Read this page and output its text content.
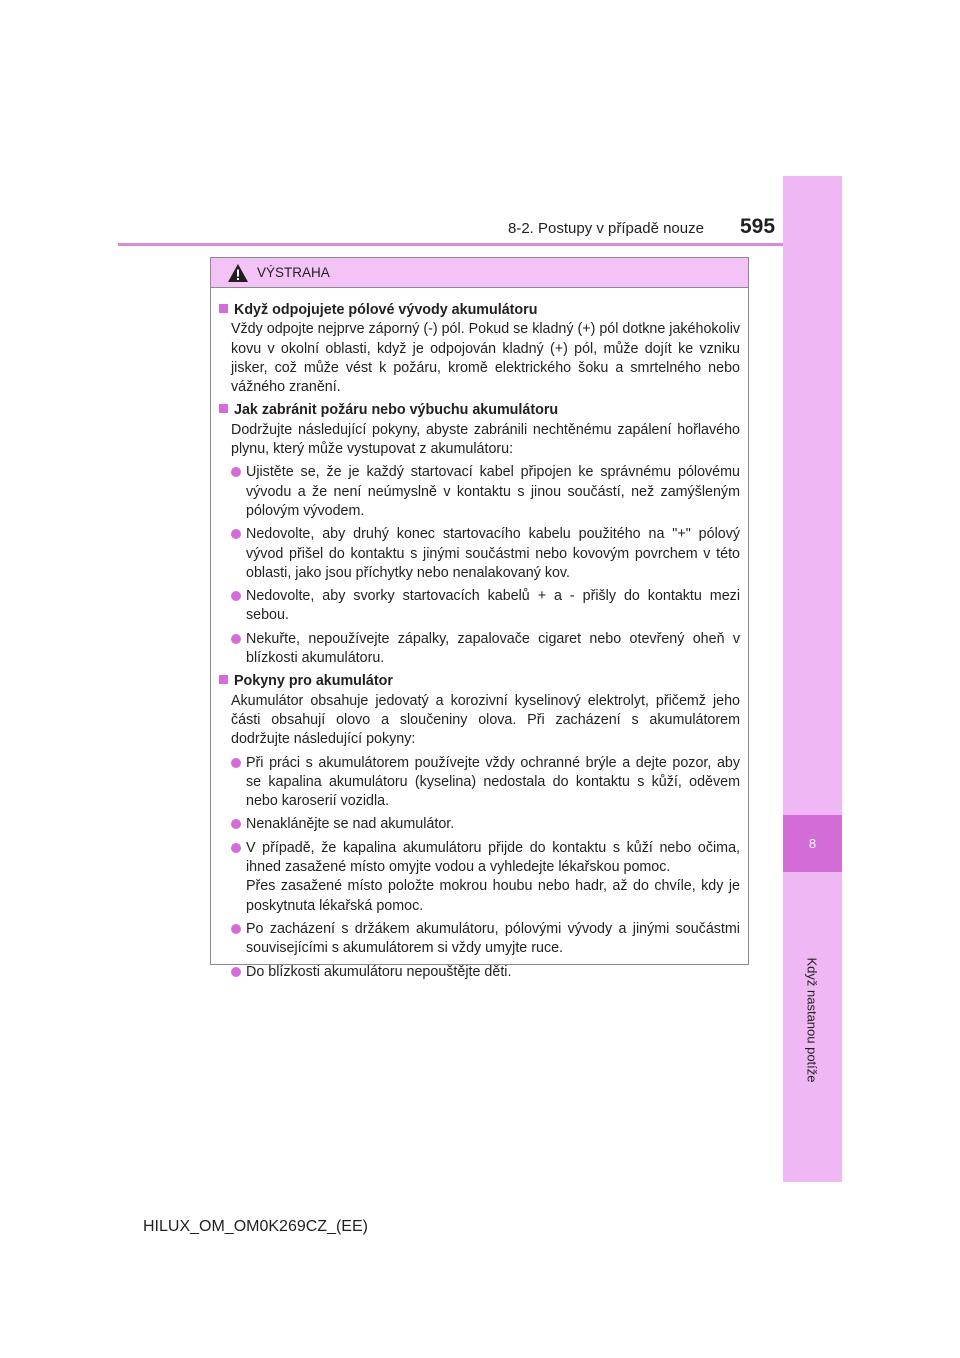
8
Když nastanou potíže
8-2. Postupy v případě nouze 595
VÝSTRAHA
Když odpojujete pólové vývody akumulátoru
Vždy odpojte nejprve záporný (-) pól. Pokud se kladný (+) pól dotkne jakéhokoliv kovu v okolní oblasti, když je odpojován kladný (+) pól, může dojít ke vzniku jisker, což může vést k požáru, kromě elektrického šoku a smrtelného nebo vážného zranění.
Jak zabránit požáru nebo výbuchu akumulátoru
Dodržujte následující pokyny, abyste zabránili nechtěnému zapálení hořlavého plynu, který může vystupovat z akumulátoru:
Ujistěte se, že je každý startovací kabel připojen ke správnému pólovému vývodu a že není neúmyslně v kontaktu s jinou součástí, než zamýšleným pólovým vývodem.
Nedovolte, aby druhý konec startovacího kabelu použitého na "+" pólový vývod přišel do kontaktu s jinými součástmi nebo kovovým povrchem v této oblasti, jako jsou příchytky nebo nenalakovaný kov.
Nedovolte, aby svorky startovacích kabelů + a - přišly do kontaktu mezi sebou.
Nekuřte, nepoužívejte zápalky, zapalovače cigaret nebo otevřený oheň v blízkosti akumulátoru.
Pokyny pro akumulátor
Akumulátor obsahuje jedovatý a korozivní kyselinový elektrolyt, přičemž jeho části obsahují olovo a sloučeniny olova. Při zacházení s akumulátorem dodržujte následující pokyny:
Při práci s akumulátorem používejte vždy ochranné brýle a dejte pozor, aby se kapalina akumulátoru (kyselina) nedostala do kontaktu s kůží, oděvem nebo karoserií vozidla.
Nenaklánějte se nad akumulátor.
V případě, že kapalina akumulátoru přijde do kontaktu s kůží nebo očima, ihned zasažené místo omyjte vodou a vyhledejte lékařskou pomoc.
Přes zasažené místo položte mokrou houbu nebo hadr, až do chvíle, kdy je poskytnuta lékařská pomoc.
Po zacházení s držákem akumulátoru, pólovými vývody a jinými součástmi souvisejícími s akumulátorem si vždy umyjte ruce.
Do blízkosti akumulátoru nepouštějte děti.
HILUX_OM_OM0K269CZ_(EE)
